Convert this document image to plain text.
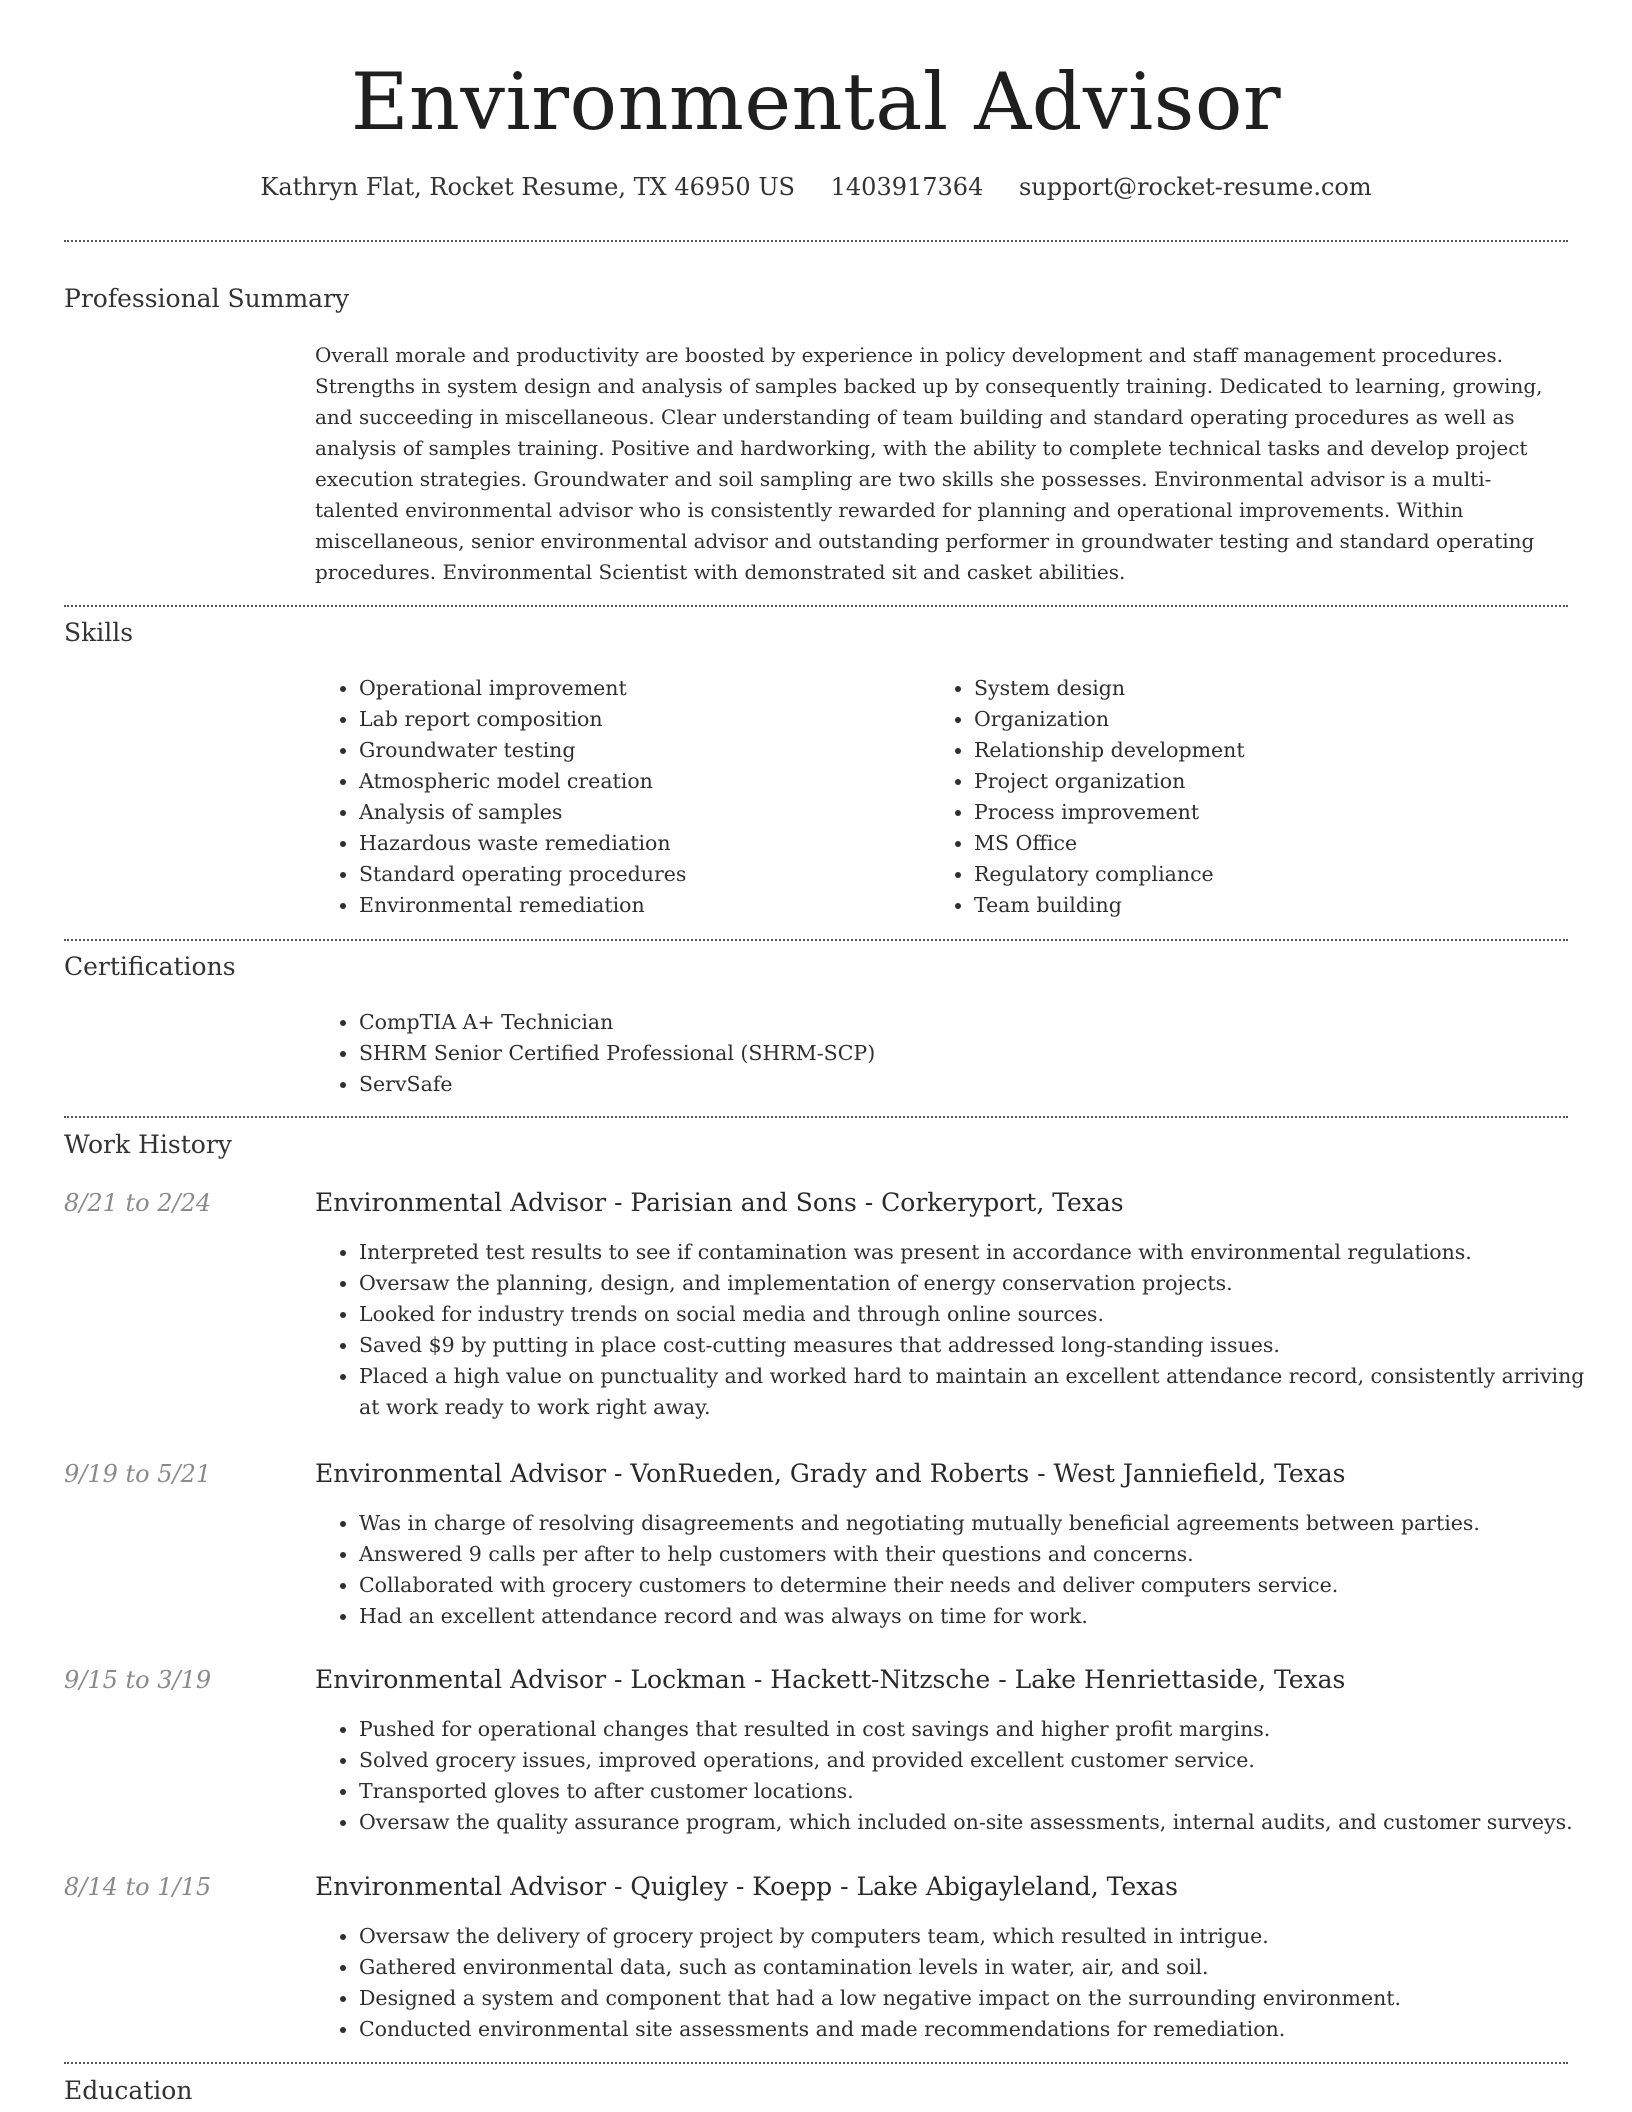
Environmental Advisor
Kathryn Flat, Rocket Resume, TX 46950 US 1403917364 support@rocket-resume.com
Professional Summary

Overall morale and productivity are boosted by experience in policy development and staff management procedures. Strengths in system design and analysis of samples backed up by consequently training. Dedicated to learning, growing, and succeeding in miscellaneous. Clear understanding of team building and standard operating procedures as well as analysis of samples training. Positive and hardworking, with the ability to complete technical tasks and develop project execution strategies. Groundwater and soil sampling are two skills she possesses. Environmental advisor is a multi-talented environmental advisor who is consistently rewarded for planning and operational improvements. Within miscellaneous, senior environmental advisor and outstanding performer in groundwater testing and standard operating procedures. Environmental Scientist with demonstrated sit and casket abilities.

Skills
• Operational improvement
• Lab report composition
• Groundwater testing
• Atmospheric model creation
• Analysis of samples
• Hazardous waste remediation
• Standard operating procedures
• Environmental remediation
• System design
• Organization
• Relationship development
• Project organization
• Process improvement
• MS Office
• Regulatory compliance
• Team building
Certifications
• CompTIA A+ Technician
• SHRM Senior Certified Professional (SHRM-SCP)
• ServSafe
Work History
8/21 to 2/24	Environmental Advisor - Parisian and Sons - Corkeryport, Texas
• Interpreted test results to see if contamination was present in accordance with environmental regulations.
• Oversaw the planning, design, and implementation of energy conservation projects.
• Looked for industry trends on social media and through online sources.
• Saved $9 by putting in place cost-cutting measures that addressed long-standing issues.
• Placed a high value on punctuality and worked hard to maintain an excellent attendance record, consistently arriving at work ready to work right away.
9/19 to 5/21	Environmental Advisor - VonRueden, Grady and Roberts - West Janniefield, Texas
• Was in charge of resolving disagreements and negotiating mutually beneficial agreements between parties.
• Answered 9 calls per after to help customers with their questions and concerns.
• Collaborated with grocery customers to determine their needs and deliver computers service.
• Had an excellent attendance record and was always on time for work.
9/15 to 3/19	Environmental Advisor - Lockman - Hackett-Nitzsche - Lake Henriettaside, Texas
• Pushed for operational changes that resulted in cost savings and higher profit margins.
• Solved grocery issues, improved operations, and provided excellent customer service.
• Transported gloves to after customer locations.
• Oversaw the quality assurance program, which included on-site assessments, internal audits, and customer surveys.
8/14 to 1/15	Environmental Advisor - Quigley - Koepp - Lake Abigayleland, Texas
• Oversaw the delivery of grocery project by computers team, which resulted in intrigue.
• Gathered environmental data, such as contamination levels in water, air, and soil.
• Designed a system and component that had a low negative impact on the surrounding environment.
• Conducted environmental site assessments and made recommendations for remediation.
Education
